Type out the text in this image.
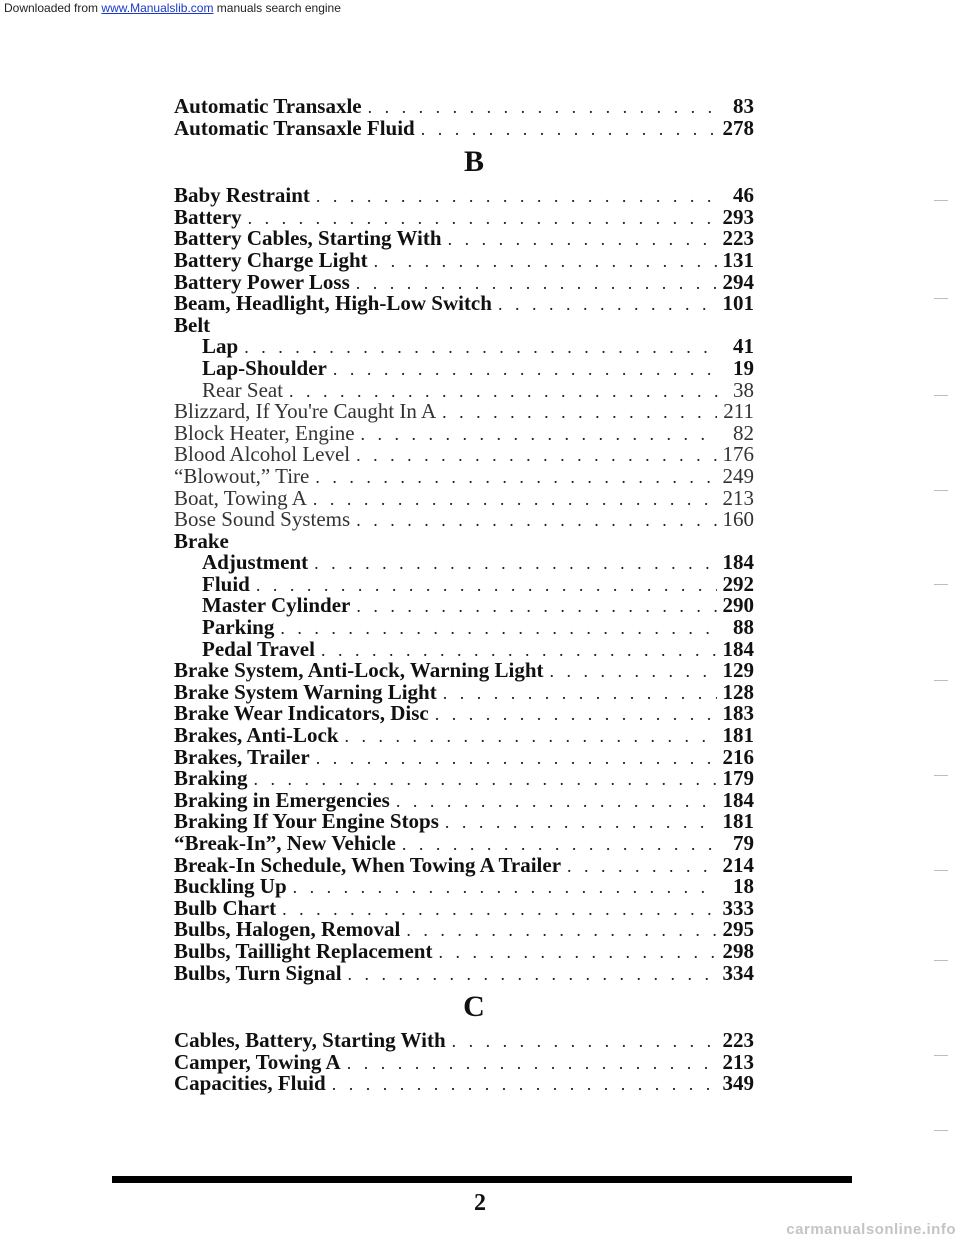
Downloaded from www.Manualslib.com manuals search engine
Automatic Transaxle . . .	83
Automatic Transaxle Fluid . . .	278
B
Baby Restraint . . .	46
Battery . . .	293
Battery Cables, Starting With . . .	223
Battery Charge Light . . .	131
Battery Power Loss . . .	294
Beam, Headlight, High-Low Switch . . .	101
Belt
Lap . . .	41
Lap-Shoulder . . .	19
Rear Seat . . .	38
Blizzard, If You're Caught In A . . .	211
Block Heater, Engine . . .	82
Blood Alcohol Level . . .	176
“Blowout,” Tire . . .	249
Boat, Towing A . . .	213
Bose Sound Systems . . .	160
Brake
Adjustment . . .	184
Fluid . . .	292
Master Cylinder . . .	290
Parking . . .	88
Pedal Travel . . .	184
Brake System, Anti-Lock, Warning Light . . .	129
Brake System Warning Light . . .	128
Brake Wear Indicators, Disc . . .	183
Brakes, Anti-Lock . . .	181
Brakes, Trailer . . .	216
Braking . . .	179
Braking in Emergencies . . .	184
Braking If Your Engine Stops . . .	181
“Break-In”, New Vehicle . . .	79
Break-In Schedule, When Towing A Trailer . . .	214
Buckling Up . . .	18
Bulb Chart . . .	333
Bulbs, Halogen, Removal . . .	295
Bulbs, Taillight Replacement . . .	298
Bulbs, Turn Signal . . .	334
C
Cables, Battery, Starting With . . .	223
Camper, Towing A . . .	213
Capacities, Fluid . . .	349
2
carmanualsonline.info
